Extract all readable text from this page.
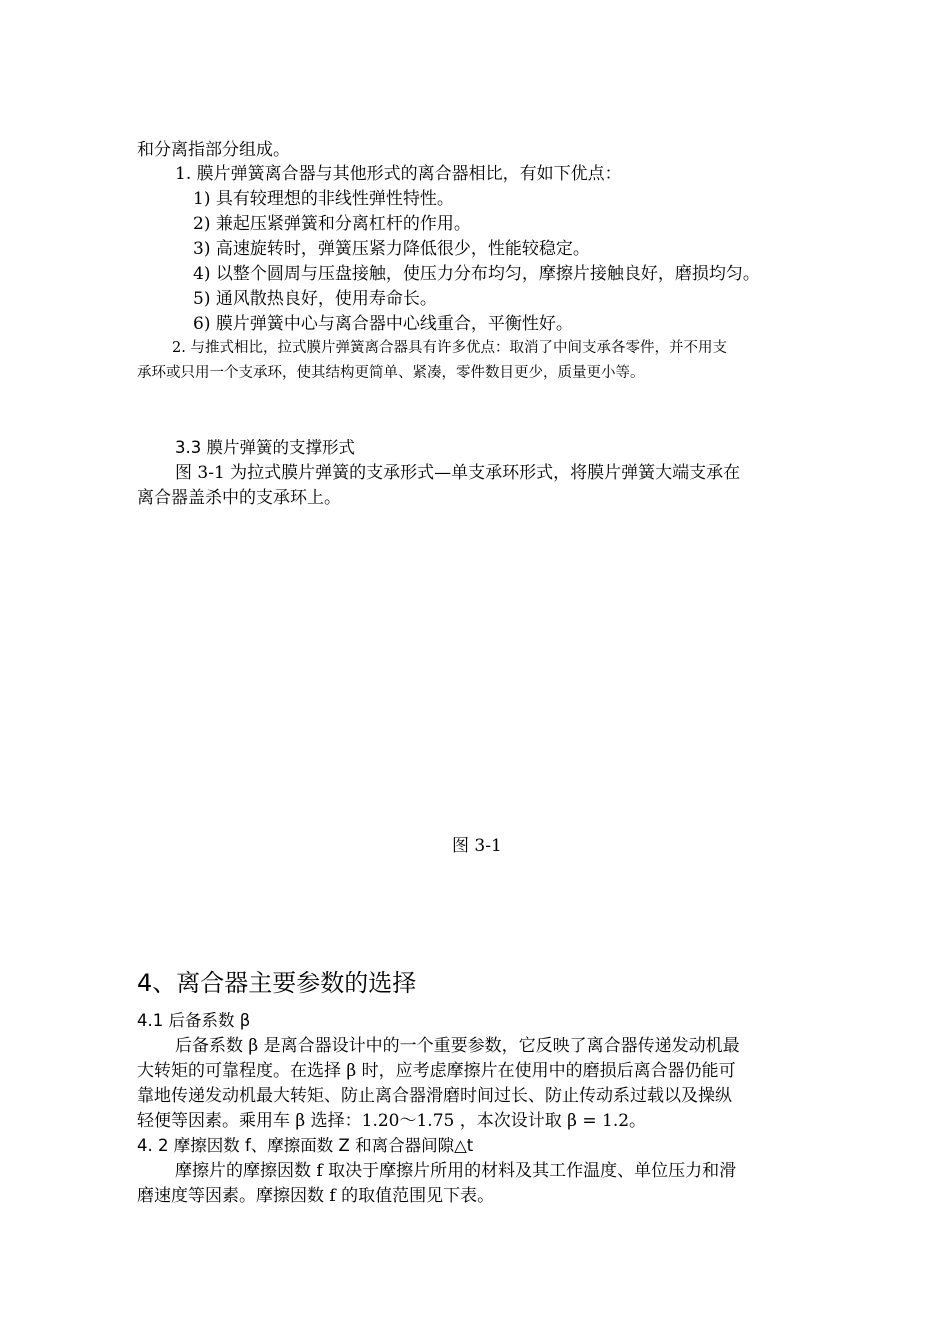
和分离指部分组成。
1. 膜片弹簧离合器与其他形式的离合器相比，有如下优点：
1) 具有较理想的非线性弹性特性。
2) 兼起压紧弹簧和分离杠杆的作用。
3) 高速旋转时，弹簧压紧力降低很少，性能较稳定。
4) 以整个圆周与压盘接触，使压力分布均匀，摩擦片接触良好，磨损均匀。
5) 通风散热良好，使用寿命长。
6) 膜片弹簧中心与离合器中心线重合，平衡性好。
2. 与推式相比，拉式膜片弹簧离合器具有许多优点：取消了中间支承各零件，并不用支
承环或只用一个支承环，使其结构更简单、紧凑，零件数目更少，质量更小等。
3.3 膜片弹簧的支撑形式
图 3-1 为拉式膜片弹簧的支承形式—单支承环形式，将膜片弹簧大端支承在
离合器盖杀中的支承环上。
图 3-1
4、离合器主要参数的选择
4.1 后备系数 β
后备系数 β 是离合器设计中的一个重要参数，它反映了离合器传递发动机最
大转矩的可靠程度。在选择 β 时，应考虑摩擦片在使用中的磨损后离合器仍能可
靠地传递发动机最大转矩、防止离合器滑磨时间过长、防止传动系过载以及操纵
轻便等因素。乘用车 β 选择：1.20～1.75 ，本次设计取 β = 1.2。
4. 2 摩擦因数 f、摩擦面数 Z 和离合器间隙△t
摩擦片的摩擦因数 f 取决于摩擦片所用的材料及其工作温度、单位压力和滑
磨速度等因素。摩擦因数 f 的取值范围见下表。
